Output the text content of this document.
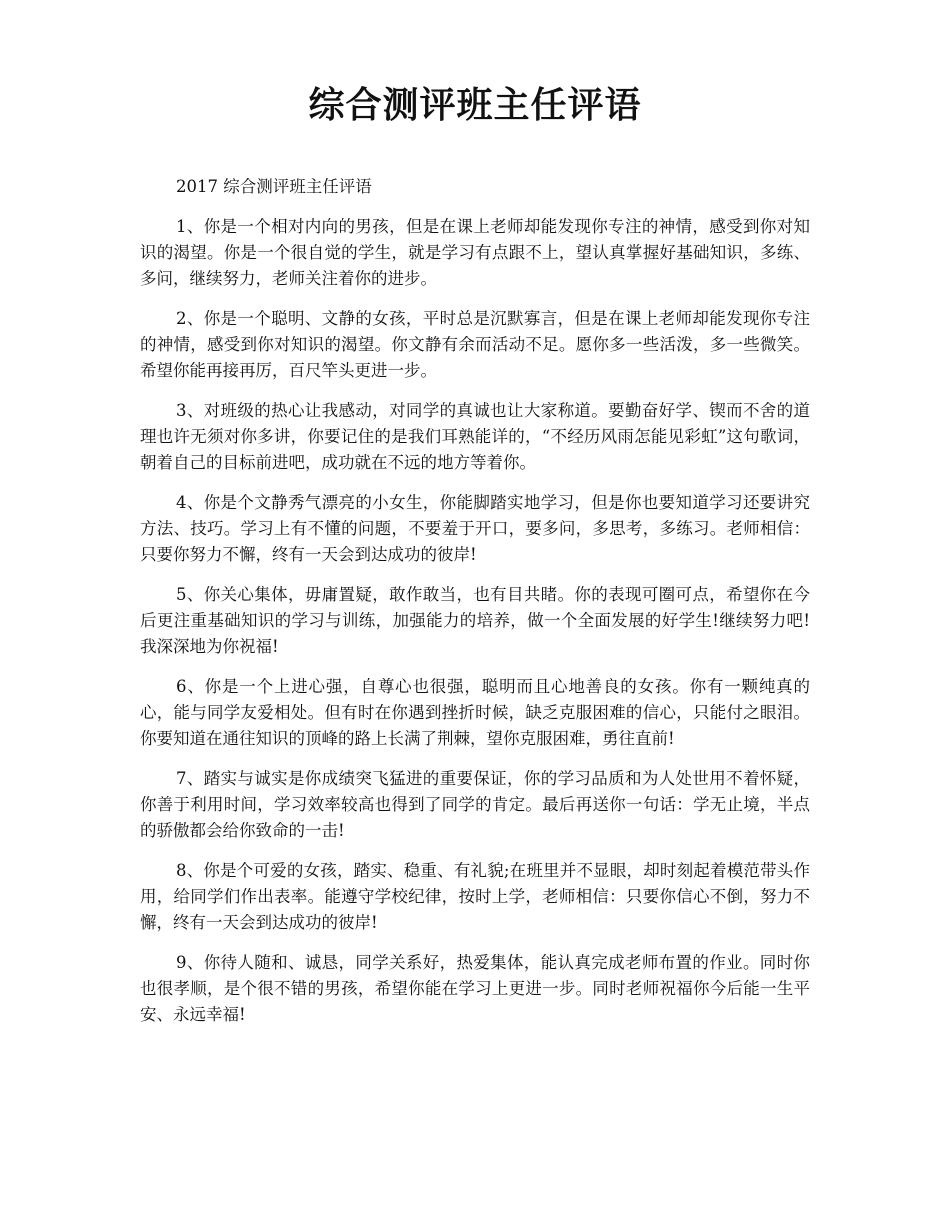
综合测评班主任评语

2017 综合测评班主任评语

1、你是一个相对内向的男孩，但是在课上老师却能发现你专注的神情，感受到你对知识的渴望。你是一个很自觉的学生，就是学习有点跟不上，望认真掌握好基础知识，多练、多问，继续努力，老师关注着你的进步。

2、你是一个聪明、文静的女孩，平时总是沉默寡言，但是在课上老师却能发现你专注的神情，感受到你对知识的渴望。你文静有余而活动不足。愿你多一些活泼，多一些微笑。希望你能再接再厉，百尺竿头更进一步。

3、对班级的热心让我感动，对同学的真诚也让大家称道。要勤奋好学、锲而不舍的道理也许无须对你多讲，你要记住的是我们耳熟能详的，“不经历风雨怎能见彩虹”这句歌词，朝着自己的目标前进吧，成功就在不远的地方等着你。

4、你是个文静秀气漂亮的小女生，你能脚踏实地学习，但是你也要知道学习还要讲究方法、技巧。学习上有不懂的问题，不要羞于开口，要多问，多思考，多练习。老师相信：只要你努力不懈，终有一天会到达成功的彼岸!

5、你关心集体，毋庸置疑，敢作敢当，也有目共睹。你的表现可圈可点，希望你在今后更注重基础知识的学习与训练，加强能力的培养，做一个全面发展的好学生!继续努力吧!我深深地为你祝福!

6、你是一个上进心强，自尊心也很强，聪明而且心地善良的女孩。你有一颗纯真的心，能与同学友爱相处。但有时在你遇到挫折时候，缺乏克服困难的信心，只能付之眼泪。你要知道在通往知识的顶峰的路上长满了荆棘，望你克服困难，勇往直前!

7、踏实与诚实是你成绩突飞猛进的重要保证，你的学习品质和为人处世用不着怀疑，你善于利用时间，学习效率较高也得到了同学的肯定。最后再送你一句话：学无止境，半点的骄傲都会给你致命的一击!

8、你是个可爱的女孩，踏实、稳重、有礼貌;在班里并不显眼，却时刻起着模范带头作用，给同学们作出表率。能遵守学校纪律，按时上学，老师相信：只要你信心不倒，努力不懈，终有一天会到达成功的彼岸!

9、你待人随和、诚恳，同学关系好，热爱集体，能认真完成老师布置的作业。同时你也很孝顺，是个很不错的男孩，希望你能在学习上更进一步。同时老师祝福你今后能一生平安、永远幸福!
